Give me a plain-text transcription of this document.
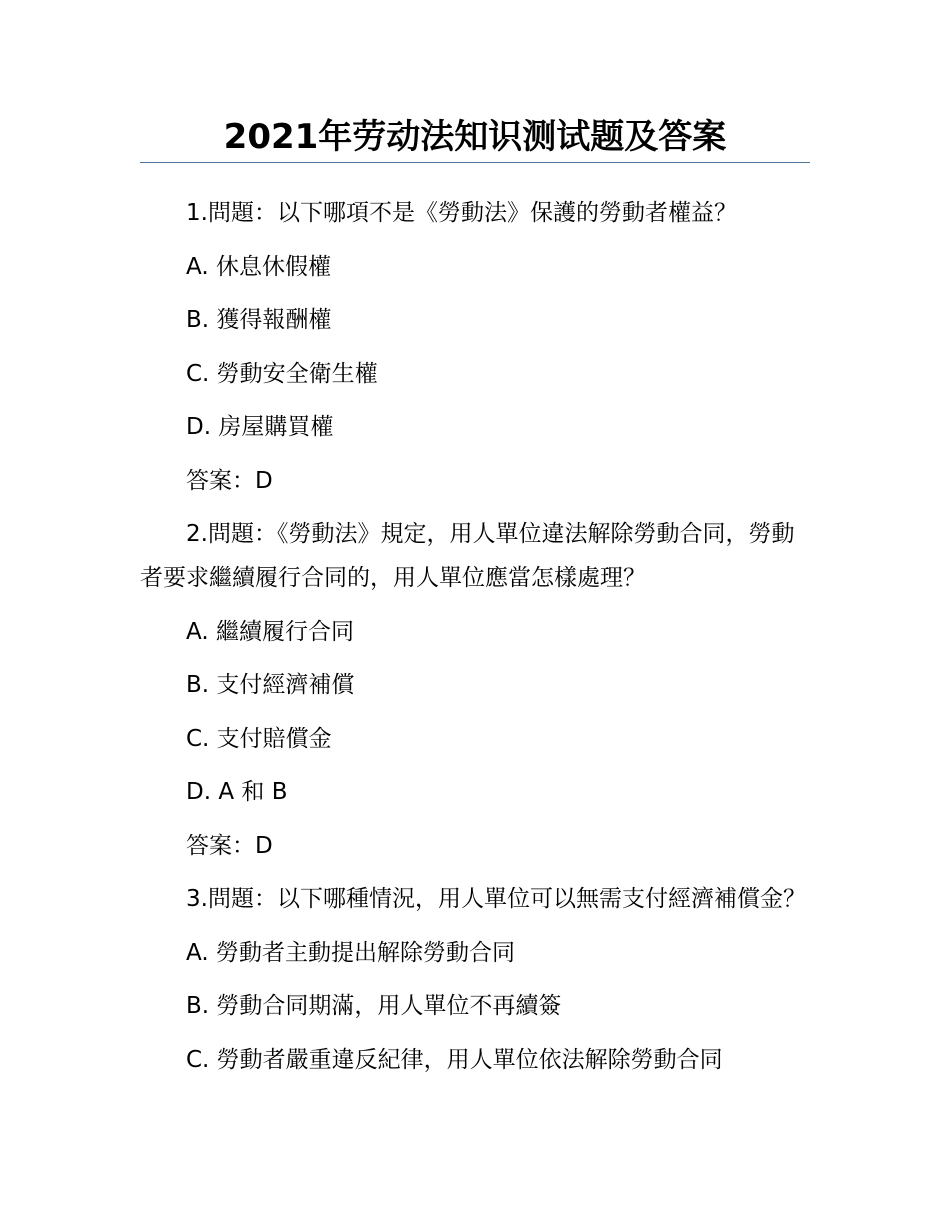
2021年劳动法知识测试题及答案

1.問題：以下哪項不是《勞動法》保護的勞動者權益？

A. 休息休假權

B. 獲得報酬權

C. 勞動安全衛生權

D. 房屋購買權

答案：D

2.問題：《勞動法》規定，用人單位違法解除勞動合同，勞動者要求繼續履行合同的，用人單位應當怎樣處理？

A. 繼續履行合同

B. 支付經濟補償

C. 支付賠償金

D. A 和 B

答案：D

3.問題：以下哪種情況，用人單位可以無需支付經濟補償金？

A. 勞動者主動提出解除勞動合同

B. 勞動合同期滿，用人單位不再續簽

C. 勞動者嚴重違反紀律，用人單位依法解除勞動合同
